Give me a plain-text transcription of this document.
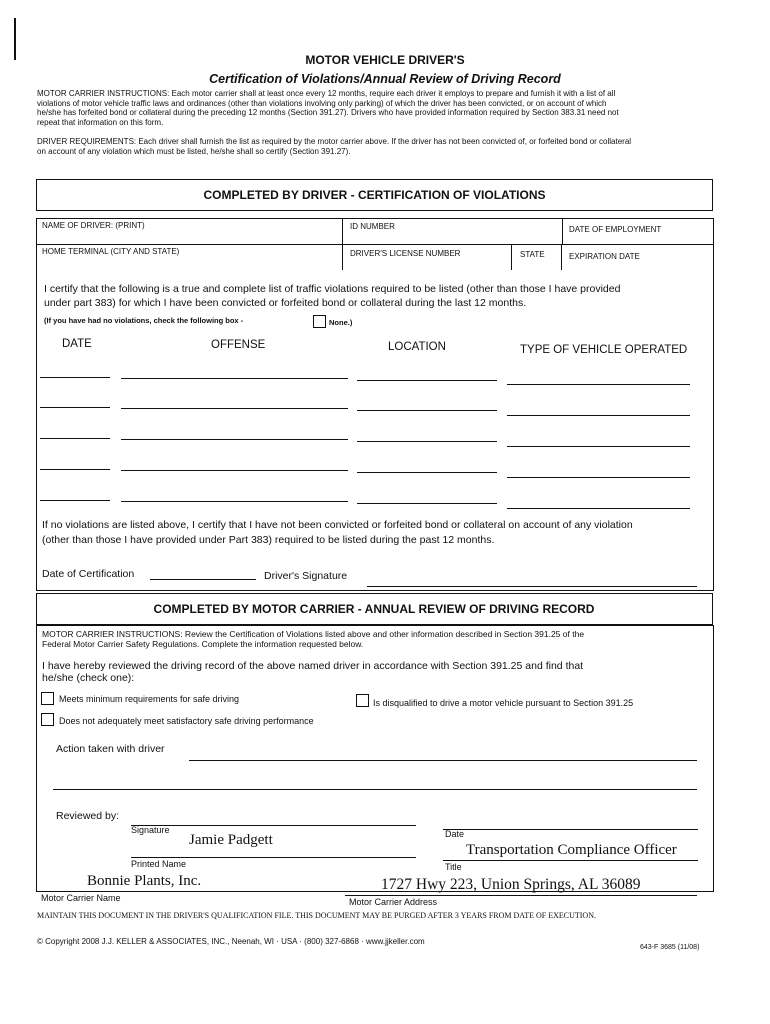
MOTOR VEHICLE DRIVER'S
Certification of Violations/Annual Review of Driving Record
MOTOR CARRIER INSTRUCTIONS: Each motor carrier shall at least once every 12 months, require each driver it employs to prepare and furnish it with a list of all violations of motor vehicle traffic laws and ordinances (other than violations involving only parking) of which the driver has been convicted, or on account of which he/she has forfeited bond or collateral during the preceding 12 months (Section 391.27). Drivers who have provided information required by Section 383.31 need not repeat that information on this form.
DRIVER REQUIREMENTS: Each driver shall furnish the list as required by the motor carrier above. If the driver has not been convicted of, or forfeited bond or collateral on account of any violation which must be listed, he/she shall so certify (Section 391.27).
COMPLETED BY DRIVER - CERTIFICATION OF VIOLATIONS
NAME OF DRIVER: (PRINT)	ID NUMBER	DATE OF EMPLOYMENT
HOME TERMINAL (CITY AND STATE)	DRIVER'S LICENSE NUMBER	STATE	EXPIRATION DATE
I certify that the following is a true and complete list of traffic violations required to be listed (other than those I have provided under part 383) for which I have been convicted or forfeited bond or collateral during the last 12 months.
(If you have had no violations, check the following box -	None.)
DATE	OFFENSE	LOCATION	TYPE OF VEHICLE OPERATED
If no violations are listed above, I certify that I have not been convicted or forfeited bond or collateral on account of any violation (other than those I have provided under Part 383) required to be listed during the past 12 months.
Date of Certification	Driver's Signature
COMPLETED BY MOTOR CARRIER - ANNUAL REVIEW OF DRIVING RECORD
MOTOR CARRIER INSTRUCTIONS: Review the Certification of Violations listed above and other information described in Section 391.25 of the Federal Motor Carrier Safety Regulations. Complete the information requested below.
I have hereby reviewed the driving record of the above named driver in accordance with Section 391.25 and find that he/she (check one):
Meets minimum requirements for safe driving	Is disqualified to drive a motor vehicle pursuant to Section 391.25
Does not adequately meet satisfactory safe driving performance
Action taken with driver
Reviewed by:
Signature	Date
Jamie Padgett
Printed Name
Transportation Compliance Officer
Title
Bonnie Plants, Inc.
Motor Carrier Name
1727 Hwy 223, Union Springs, AL 36089
Motor Carrier Address
MAINTAIN THIS DOCUMENT IN THE DRIVER'S QUALIFICATION FILE. THIS DOCUMENT MAY BE PURGED AFTER 3 YEARS FROM DATE OF EXECUTION.
© Copyright 2008 J.J. KELLER & ASSOCIATES, INC., Neenah, WI · USA · (800) 327-6868 · www.jjkeller.com
643-F 3685 (11/08)
